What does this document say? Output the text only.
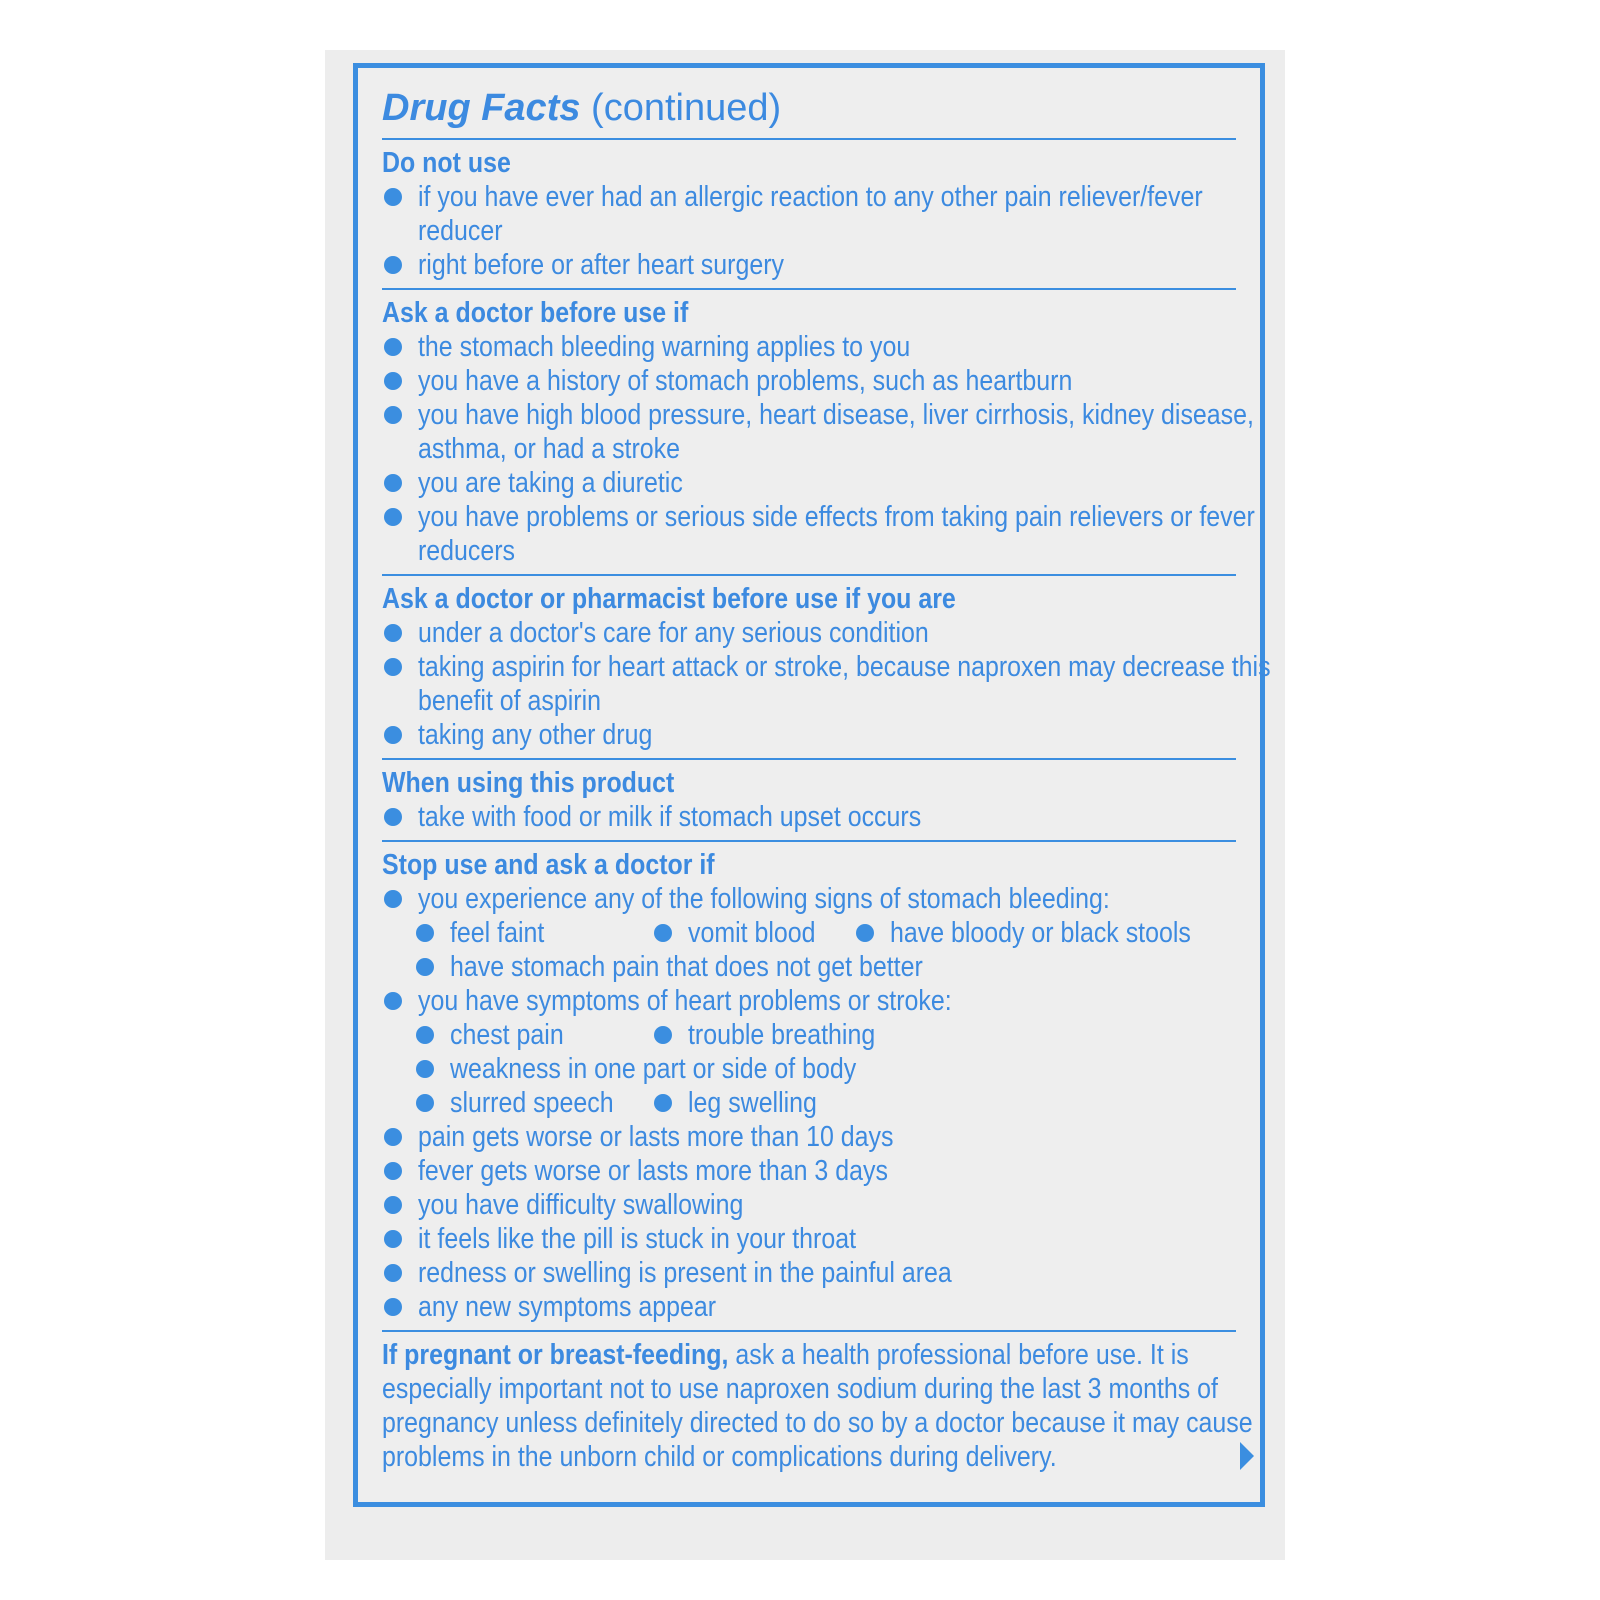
Drug Facts (continued)
Do not use
if you have ever had an allergic reaction to any other pain reliever/fever
reducer
right before or after heart surgery
Ask a doctor before use if
the stomach bleeding warning applies to you
you have a history of stomach problems, such as heartburn
you have high blood pressure, heart disease, liver cirrhosis, kidney disease,
asthma, or had a stroke
you are taking a diuretic
you have problems or serious side effects from taking pain relievers or fever
reducers
Ask a doctor or pharmacist before use if you are
under a doctor's care for any serious condition
taking aspirin for heart attack or stroke, because naproxen may decrease this
benefit of aspirin
taking any other drug
When using this product
take with food or milk if stomach upset occurs
Stop use and ask a doctor if
you experience any of the following signs of stomach bleeding:
feel faint	vomit blood	have bloody or black stools
have stomach pain that does not get better
you have symptoms of heart problems or stroke:
chest pain	trouble breathing
weakness in one part or side of body
slurred speech	leg swelling
pain gets worse or lasts more than 10 days
fever gets worse or lasts more than 3 days
you have difficulty swallowing
it feels like the pill is stuck in your throat
redness or swelling is present in the painful area
any new symptoms appear
If pregnant or breast-feeding, ask a health professional before use. It is
especially important not to use naproxen sodium during the last 3 months of
pregnancy unless definitely directed to do so by a doctor because it may cause
problems in the unborn child or complications during delivery.
